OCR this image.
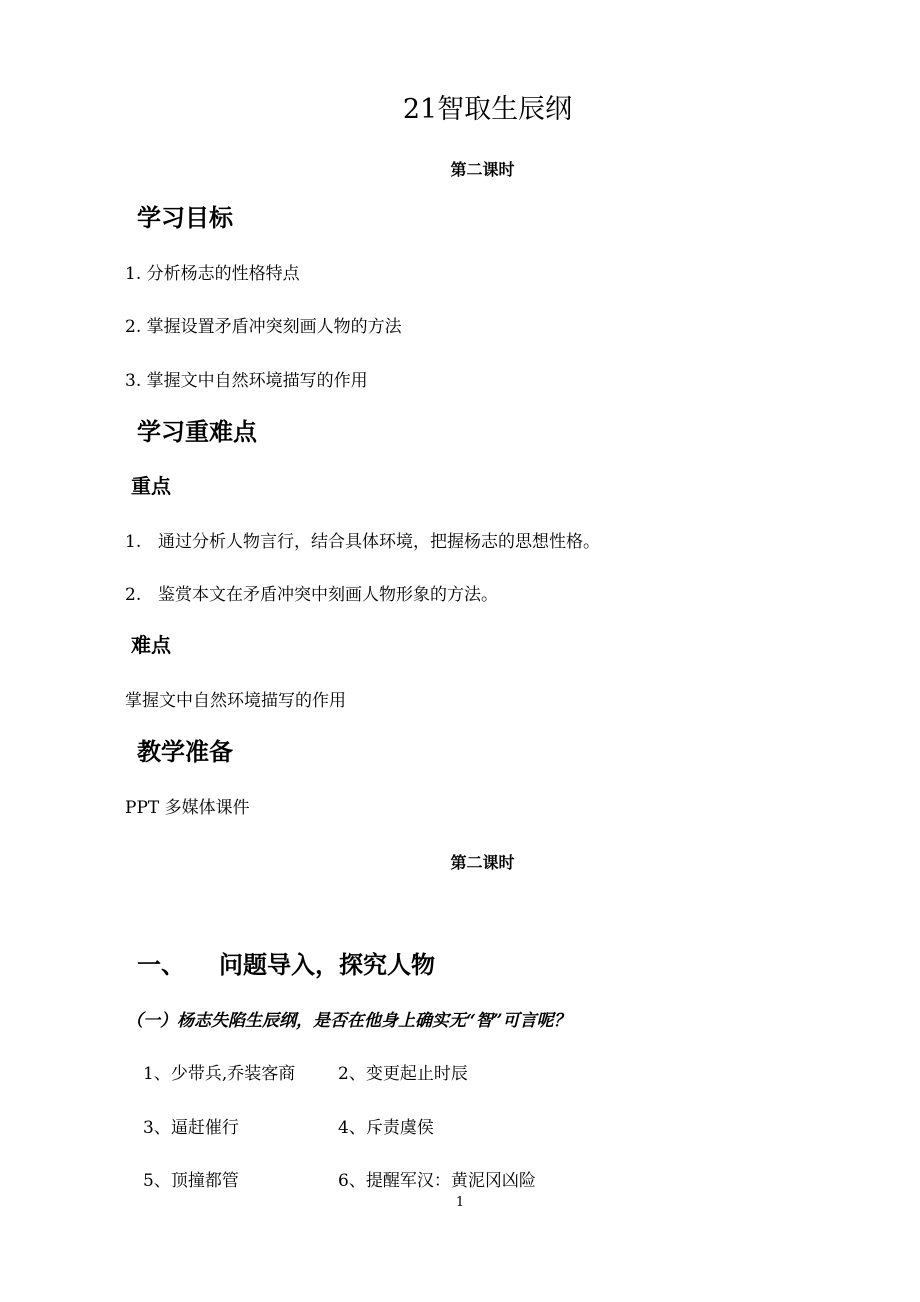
21智取生辰纲
第二课时
学习目标
1. 分析杨志的性格特点
2. 掌握设置矛盾冲突刻画人物的方法
3. 掌握文中自然环境描写的作用
学习重难点
重点
1. 通过分析人物言行，结合具体环境，把握杨志的思想性格。
2. 鉴赏本文在矛盾冲突中刻画人物形象的方法。
难点
掌握文中自然环境描写的作用
教学准备
PPT 多媒体课件
第二课时
一、 问题导入，探究人物
（一）杨志失陷生辰纲，是否在他身上确实无“智”可言呢？
1、少带兵,乔装客商	2、变更起止时辰
3、逼赶催行	4、斥责虞侯
5、顶撞都管	6、提醒军汉：黄泥冈凶险
1
